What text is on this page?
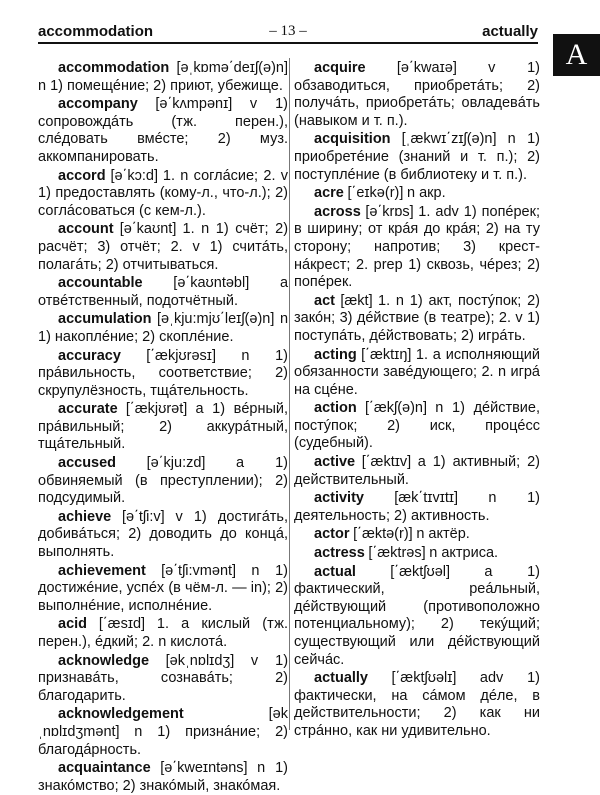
accommodation	– 13 –	actually
A

accommodation [əˌkɒmə΄deɪʃ(ə)n] n 1) помещéние; 2) приют, убежище.

accompany [ə΄kʌmpənɪ] v 1) сопровождáть (тж. перен.), слéдовать вмéсте; 2) муз. аккомпанировать.

accord [ə΄kɔ:d] 1. n соглáсие; 2. v 1) предоставлять (кому-л., что-л.); 2) соглáсоваться (с кем-л.).

account [ə΄kaʊnt] 1. n 1) счёт; 2) расчёт; 3) отчёт; 2. v 1) считáть, полагáть; 2) отчитываться.

accountable [ə΄kaʊntəbl] a отвéтственный, подотчётный.

accumulation [əˌkju:mjʊ΄leɪʃ(ə)n] n 1) накоплéние; 2) скоплéние.

accuracy [΄ækjʊrəsɪ] n 1) прáвильность, соответствие; 2) скрупулёзность, тщáтельность.

accurate [΄ækjʊrət] a 1) вéрный, прáвильный; 2) аккурáтный, тщáтельный.

accused [ə΄kju:zd] a 1) обвиняемый (в преступлении); 2) подсудимый.

achieve [ə΄tʃi:v] v 1) достигáть, добивáться; 2) доводить до концá, выполнять.

achievement [ə΄tʃi:vmənt] n 1) достижéние, успéх (в чём-л. — in); 2) выполнéние, исполнéние.

acid [΄æsɪd] 1. a кислый (тж. перен.), éдкий; 2. n кислотá.

acknowledge [əkˌnɒlɪdʒ] v 1) признавáть, сознавáть; 2) благодарить.

acknowledgement	[əkˌnɒlɪdʒmənt] n 1) признáние; 2) благодáрность.

acquaintance [ə΄kweɪntəns] n 1) знакóмство; 2) знакóмый, знакóмая.

acquire [ə΄kwaɪə] v 1) обзаводиться, приобретáть; 2) получáть, приобретáть; овладевáть (навыком и т. п.).

acquisition [ˌækwɪ΄zɪʃ(ə)n] n 1) приобретéние (знаний и т. п.); 2) поступлéние (в библиотеку и т. п.).

acre [΄eɪkə(r)] n акр.

across [ə΄krɒs] 1. adv 1) попéрек; в ширину; от крáя до крáя; 2) на ту сторону; напротив; 3) крест-нáкрест; 2. prep 1) сквозь, чéрез; 2) попéрек.

act [ækt] 1. n 1) акт, постýпок; 2) закóн; 3) дéйствие (в театре); 2. v 1) поступáть, дéйствовать; 2) игрáть.

acting [΄æktɪŋ] 1. a исполняющий обязанности завéдующего; 2. n игрá на сцéне.

action [΄ækʃ(ə)n] n 1) дéйствие, постýпок; 2) иск, процéсс (судебный).

active [΄æktɪv] a 1) активный; 2) действительный.

activity [æk΄tɪvɪtɪ] n 1) деятельность; 2) активность.

actor [΄æktə(r)] n актёр.

actress [΄æktrəs] n актриса.

actual [΄æktʃʊəl] a 1) фактический, реáльный, дéйствующий (противоположно потенциальному); 2) текýщий; существующий или дéйствующий сейчáс.

actually [΄æktʃʊəlɪ] adv 1) фактически, на сáмом дéле, в действительности; 2) как ни стрáнно, как ни удивительно.
